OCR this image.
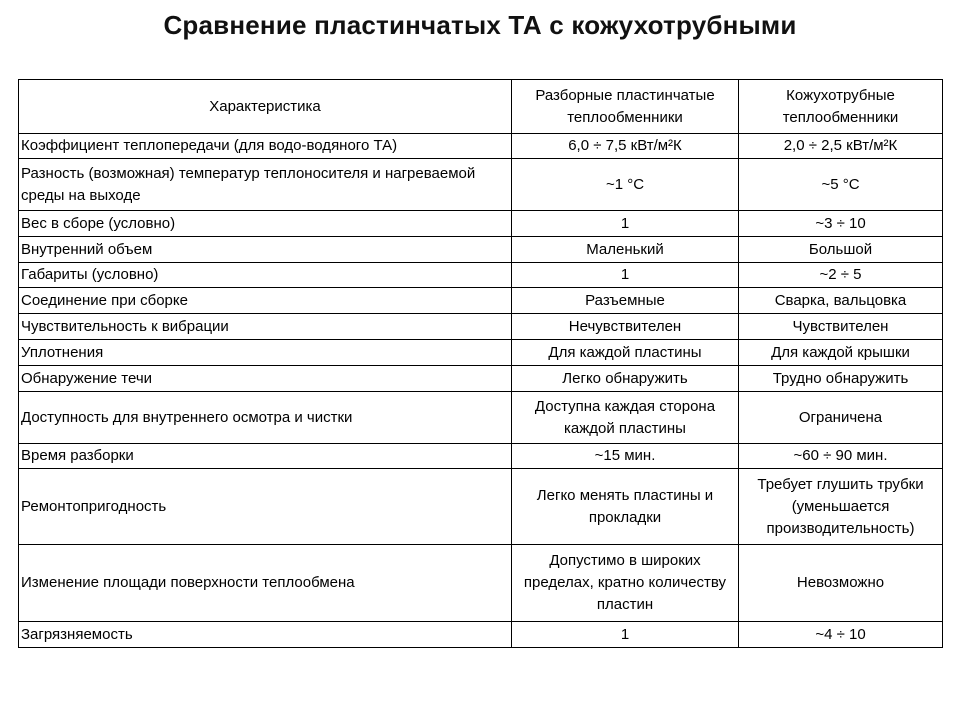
Сравнение пластинчатых ТА с кожухотрубными
Характеристика	Разборные пластинчатые теплообменники	Кожухотрубные теплообменники
Коэффициент теплопередачи (для водо-водяного ТА)	6,0 ÷ 7,5 кВт/м²К	2,0 ÷ 2,5 кВт/м²К
Разность (возможная) температур теплоносителя и нагреваемой среды на выходе	~1 °С	~5 °С
Вес в сборе (условно)	1	~3 ÷ 10
Внутренний объем	Маленький	Большой
Габариты (условно)	1	~2 ÷ 5
Соединение при сборке	Разъемные	Сварка, вальцовка
Чувствительность к вибрации	Нечувствителен	Чувствителен
Уплотнения	Для каждой пластины	Для каждой крышки
Обнаружение течи	Легко обнаружить	Трудно обнаружить
Доступность для внутреннего осмотра и чистки	Доступна каждая сторона каждой пластины	Ограничена
Время разборки	~15 мин.	~60 ÷ 90 мин.
Ремонтопригодность	Легко менять пластины и прокладки	Требует глушить трубки (уменьшается производительность)
Изменение площади поверхности теплообмена	Допустимо в широких пределах, кратно количеству пластин	Невозможно
Загрязняемость	1	~4 ÷ 10
